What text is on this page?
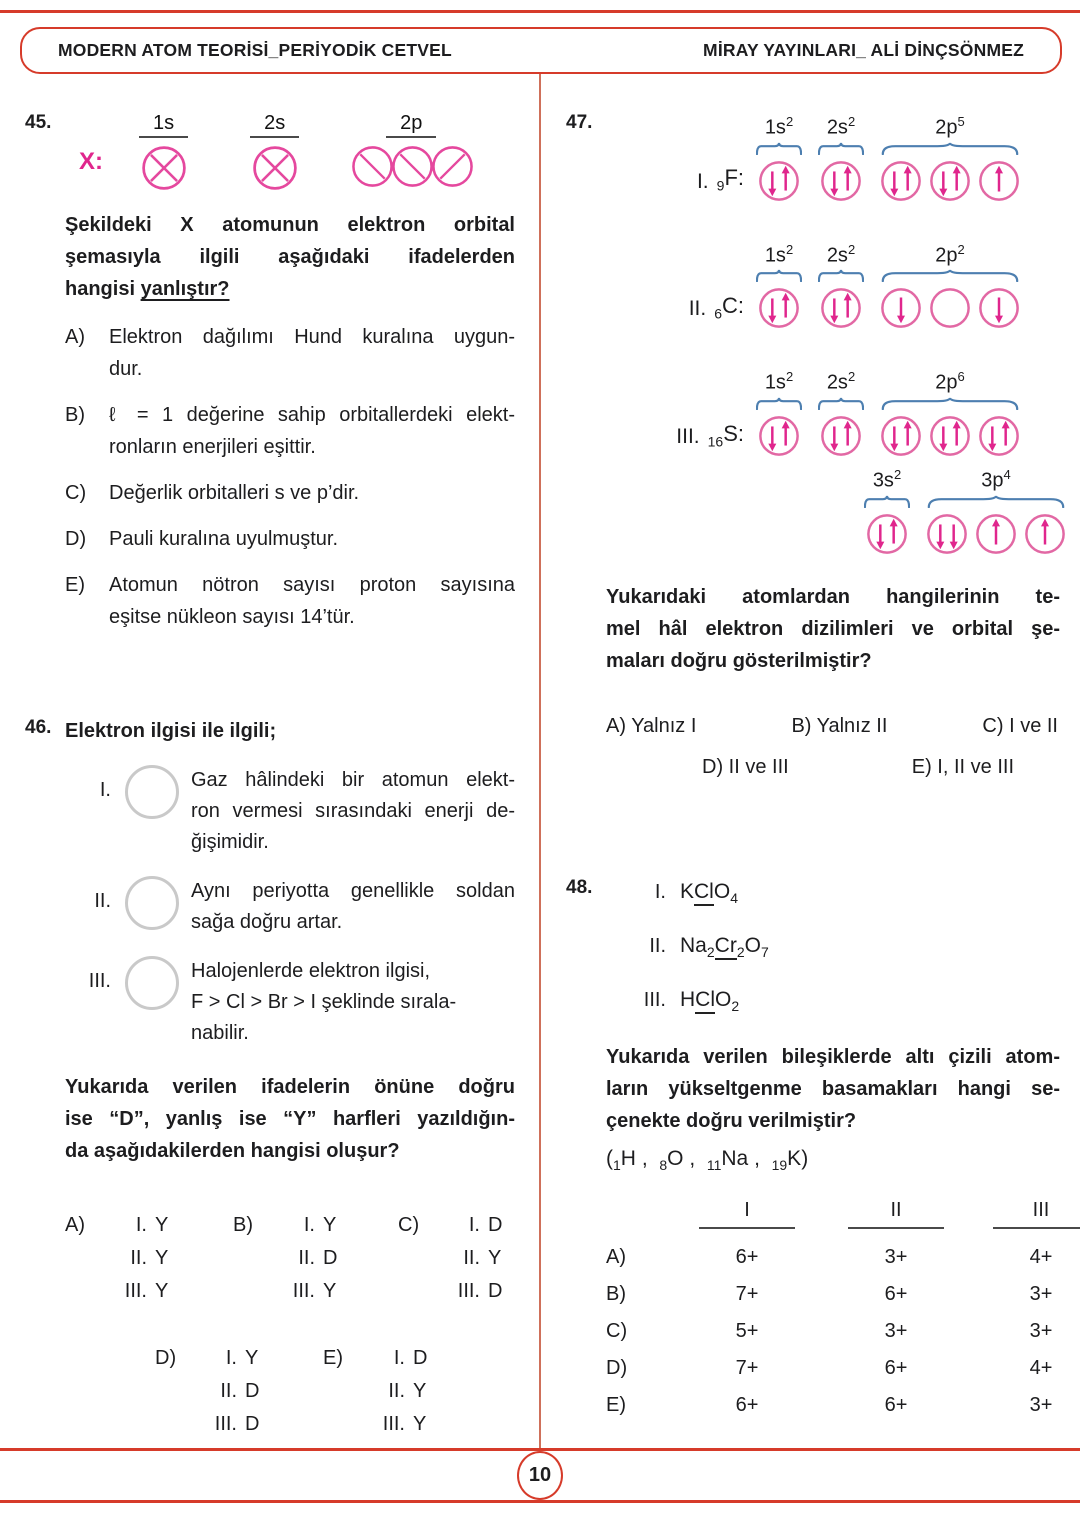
MODERN ATOM TEORİSİ_PERİYODİK CETVEL	MİRAY YAYINLARI_ ALİ DİNÇSÖNMEZ
45.
X:
1s	2s	2p
Şekildeki X atomunun elektron orbital
şemasıyla ilgili aşağıdaki ifadelerden
hangisi yanlıştır?
A)	Elektron dağılımı Hund kuralına uygun-
dur.
B)	ℓ = 1 değerine sahip orbitallerdeki elekt-
ronların enerjileri eşittir.
C)	Değerlik orbitalleri s ve p’dir.
D)	Pauli kuralına uyulmuştur.
E)	Atomun nötron sayısı proton sayısına
eşitse nükleon sayısı 14’tür.
46. Elektron ilgisi ile ilgili;
I.	Gaz hâlindeki bir atomun elekt-
ron vermesi sırasındaki enerji de-
ğişimidir.
II.	Aynı periyotta genellikle soldan
sağa doğru artar.
III.	Halojenlerde elektron ilgisi,
F > Cl > Br > I şeklinde sırala-
nabilir.
Yukarıda verilen ifadelerin önüne doğru
ise “D”, yanlış ise “Y” harfleri yazıldığın-
da aşağıdakilerden hangisi oluşur?
A)	I. Y
II. Y
III. Y
B)	I. Y
II. D
III. Y
C)	I. D
II. Y
III. D
D)	I. Y
II. D
III. D
E)	I. D
II. Y
III. Y
47.
I. $_9$F:
$1s^2$ $2s^2$	$2p^5$
II. $_6$C:
$1s^2$ $2s^2$	$2p^2$
III. $_{16}$S:
$1s^2$ $2s^2$	$2p^6$
$3s^2$	$3p^4$
Yukarıdaki atomlardan hangilerinin te-
mel hâl elektron dizilimleri ve orbital şe-
maları doğru gösterilmiştir?
A) Yalnız I	B) Yalnız II	C) I ve II
D) II ve III	E) I, II ve III
48.	I. KClO$_4$
II. $Na_2Cr_2O_7$
III. HClO$_2$
Yukarıda verilen bileşiklerde altı çizili atom-
ların yükseltgenme basamakları hangi se-
çenekte doğru verilmiştir?
($_1H$ , $_8$O , $_{11}$Na , $_{19}$K)
I	II	III
A)	6+	3+	4+
B)	7+	6+	3+
C)	5+	3+	3+
D)	7+	6+	4+
E)	6+	6+	3+
10
